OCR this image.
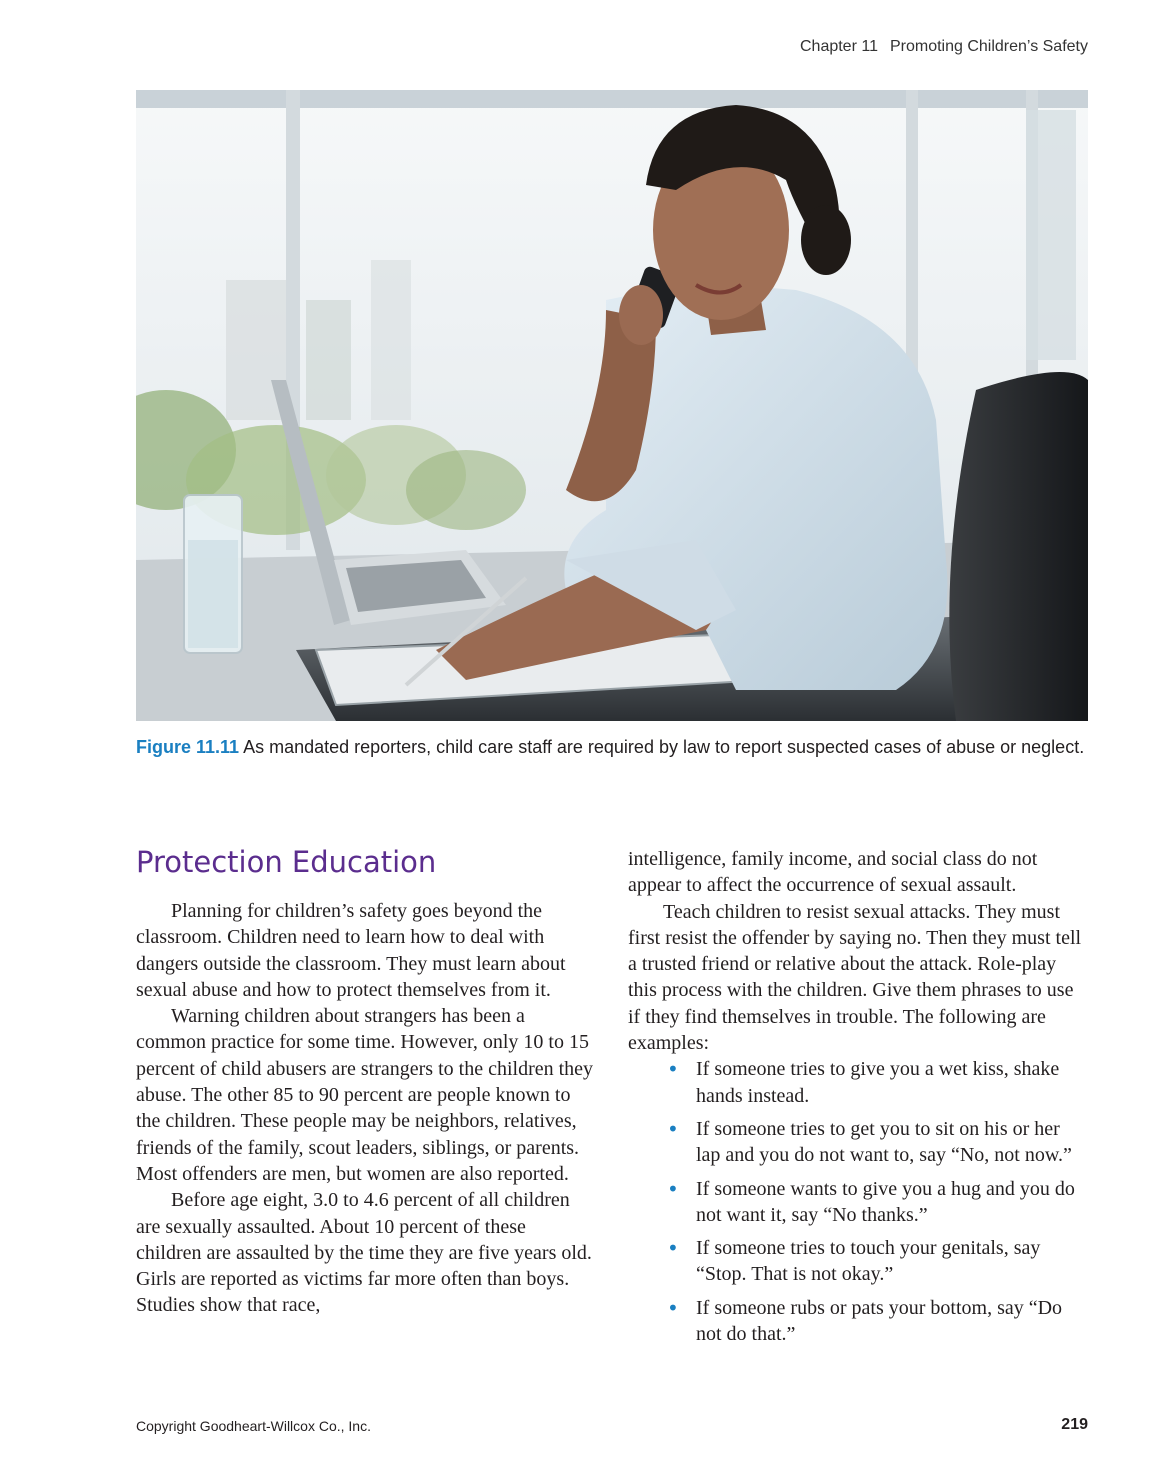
Chapter 11 Promoting Children’s Safety
Figure 11.11 As mandated reporters, child care staff are required by law to report suspected cases of abuse or neglect.
Protection Education

Planning for children’s safety goes beyond the classroom. Children need to learn how to deal with dangers outside the classroom. They must learn about sexual abuse and how to protect themselves from it.

Warning children about strangers has been a common practice for some time. However, only 10 to 15 percent of child abusers are strangers to the children they abuse. The other 85 to 90 percent are people known to the children. These people may be neighbors, relatives, friends of the family, scout leaders, siblings, or parents. Most offenders are men, but women are also reported.

Before age eight, 3.0 to 4.6 percent of all children are sexually assaulted. About 10 percent of these children are assaulted by the time they are five years old. Girls are reported as victims far more often than boys. Studies show that race,

intelligence, family income, and social class do not appear to affect the occurrence of sexual assault.

Teach children to resist sexual attacks. They must first resist the offender by saying no. Then they must tell a trusted friend or relative about the attack. Role-play this process with the children. Give them phrases to use if they find themselves in trouble. The following are examples:

• If someone tries to give you a wet kiss, shake hands instead.
• If someone tries to get you to sit on his or her lap and you do not want to, say “No, not now.”
• If someone wants to give you a hug and you do not want it, say “No thanks.”
• If someone tries to touch your genitals, say “Stop. That is not okay.”
• If someone rubs or pats your bottom, say “Do not do that.”
Copyright Goodheart-Willcox Co., Inc.	219
